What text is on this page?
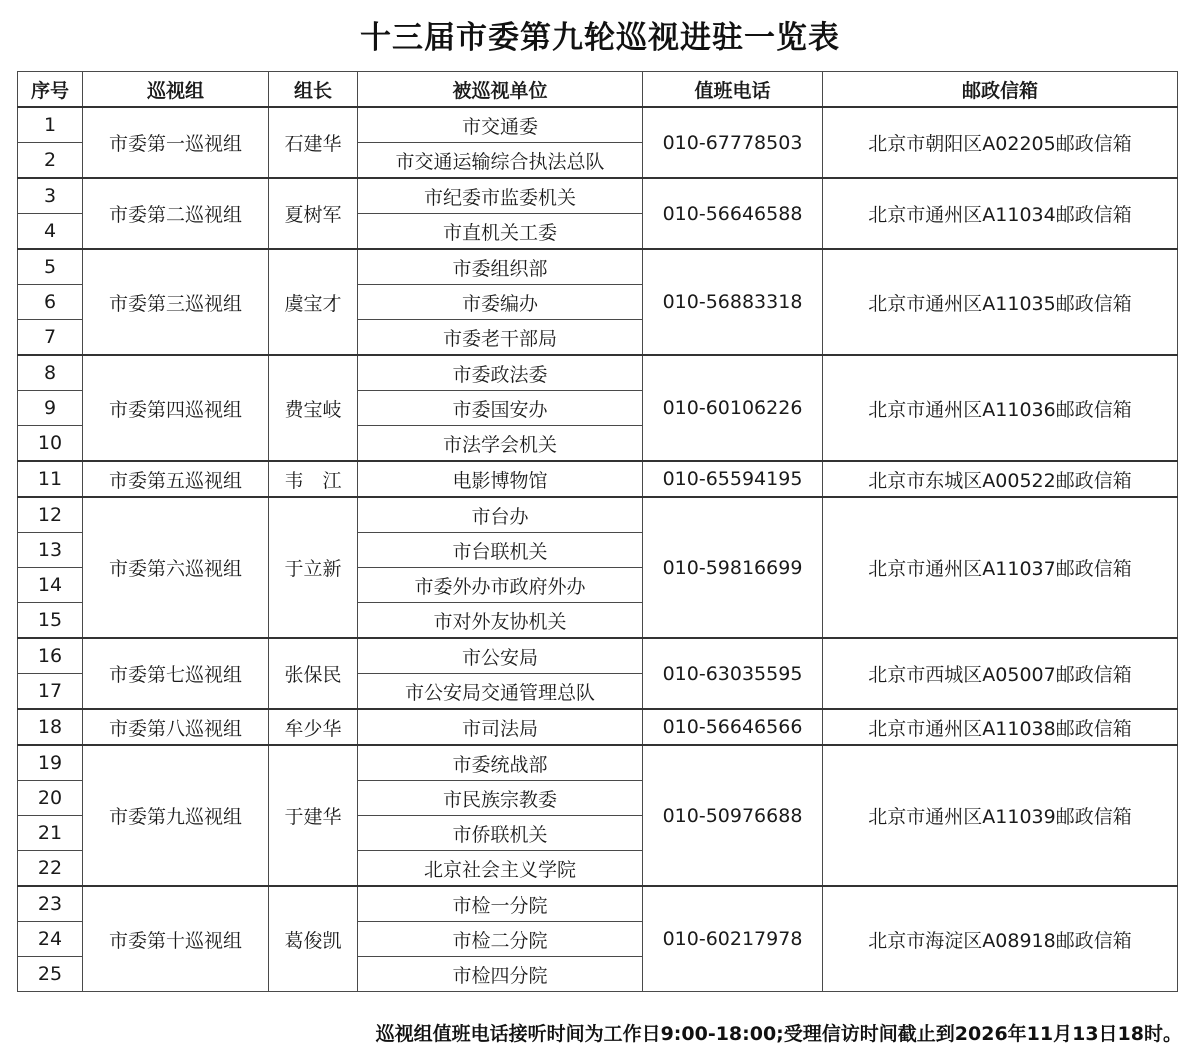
十三届市委第九轮巡视进驻一览表
序号	巡视组	组长	被巡视单位	值班电话	邮政信箱
1	市委第一巡视组	石建华	市交通委	010-67778503	北京市朝阳区A02205邮政信箱
2			市交通运输综合执法总队		
3	市委第二巡视组	夏树军	市纪委市监委机关	010-56646588	北京市通州区A11034邮政信箱
4			市直机关工委		
5	市委第三巡视组	虞宝才	市委组织部	010-56883318	北京市通州区A11035邮政信箱
6			市委编办		
7			市委老干部局		
8	市委第四巡视组	费宝岐	市委政法委	010-60106226	北京市通州区A11036邮政信箱
9			市委国安办		
10			市法学会机关		
11	市委第五巡视组	韦　江	电影博物馆	010-65594195	北京市东城区A00522邮政信箱
12	市委第六巡视组	于立新	市台办	010-59816699	北京市通州区A11037邮政信箱
13			市台联机关		
14			市委外办市政府外办		
15			市对外友协机关		
16	市委第七巡视组	张保民	市公安局	010-63035595	北京市西城区A05007邮政信箱
17			市公安局交通管理总队		
18	市委第八巡视组	牟少华	市司法局	010-56646566	北京市通州区A11038邮政信箱
19	市委第九巡视组	于建华	市委统战部	010-50976688	北京市通州区A11039邮政信箱
20			市民族宗教委		
21			市侨联机关		
22			北京社会主义学院		
23	市委第十巡视组	葛俊凯	市检一分院	010-60217978	北京市海淀区A08918邮政信箱
24			市检二分院		
25			市检四分院		
巡视组值班电话接听时间为工作日9:00-18:00;受理信访时间截止到2026年11月13日18时。
